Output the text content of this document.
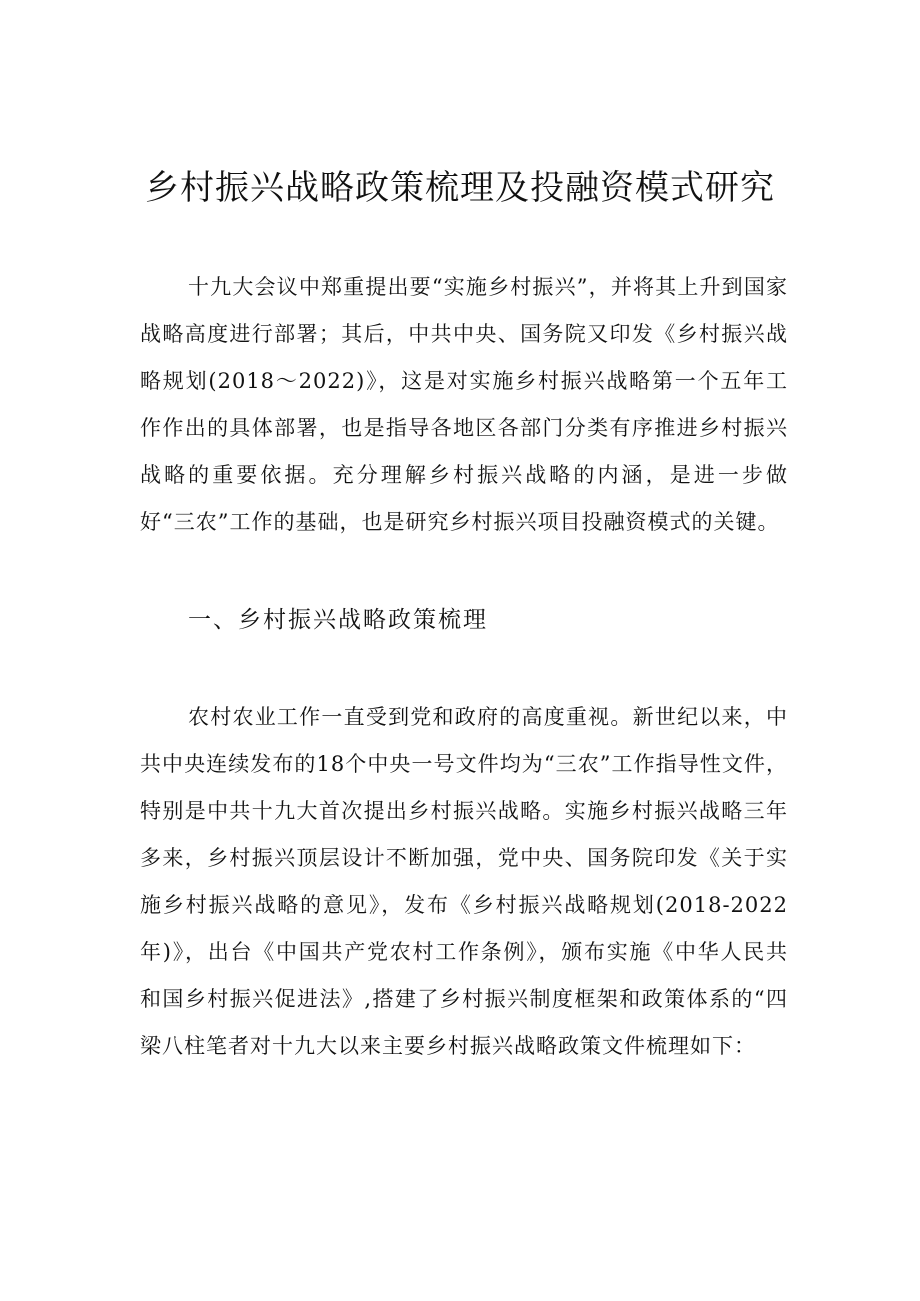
乡村振兴战略政策梳理及投融资模式研究

十九大会议中郑重提出要“实施乡村振兴”，并将其上升到国家战略高度进行部署；其后，中共中央、国务院又印发《乡村振兴战略规划(2018～2022)》，这是对实施乡村振兴战略第一个五年工作作出的具体部署，也是指导各地区各部门分类有序推进乡村振兴战略的重要依据。充分理解乡村振兴战略的内涵，是进一步做好“三农”工作的基础，也是研究乡村振兴项目投融资模式的关键。

一、乡村振兴战略政策梳理

农村农业工作一直受到党和政府的高度重视。新世纪以来，中共中央连续发布的18个中央一号文件均为“三农”工作指导性文件，特别是中共十九大首次提出乡村振兴战略。实施乡村振兴战略三年多来，乡村振兴顶层设计不断加强，党中央、国务院印发《关于实施乡村振兴战略的意见》，发布《乡村振兴战略规划(2018-2022年)》，出台《中国共产党农村工作条例》，颁布实施《中华人民共和国乡村振兴促进法》,搭建了乡村振兴制度框架和政策体系的“四梁八柱笔者对十九大以来主要乡村振兴战略政策文件梳理如下：
